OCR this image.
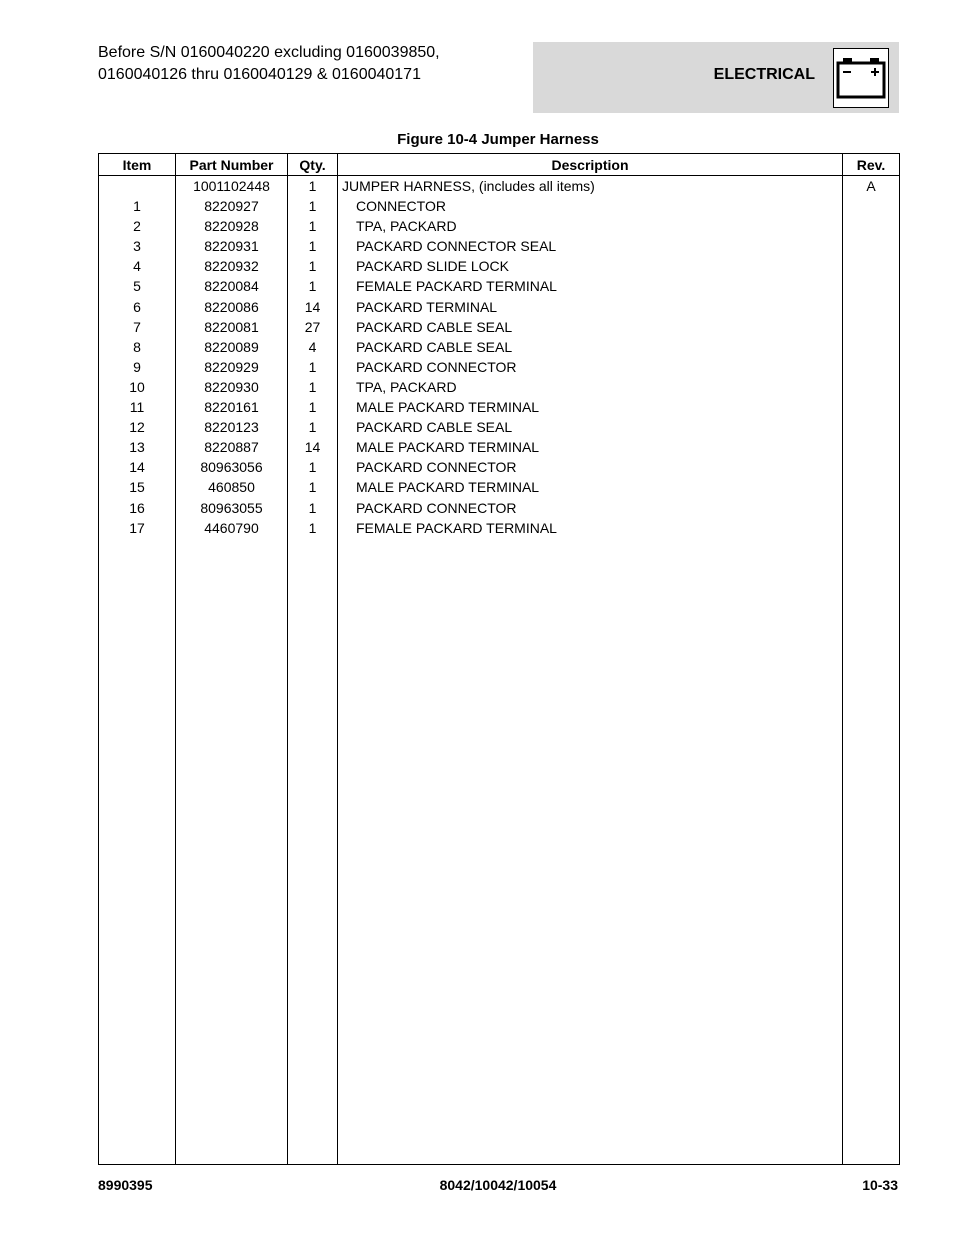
Before S/N 0160040220 excluding 0160039850,
0160040126 thru 0160040129 & 0160040171	ELECTRICAL
Figure 10-4 Jumper Harness
Item	Part Number	Qty.	Description	Rev.
	1001102448	1	JUMPER HARNESS, (includes all items)	A
1	8220927	1	CONNECTOR	
2	8220928	1	TPA, PACKARD	
3	8220931	1	PACKARD CONNECTOR SEAL	
4	8220932	1	PACKARD SLIDE LOCK	
5	8220084	1	FEMALE PACKARD TERMINAL	
6	8220086	14	PACKARD TERMINAL	
7	8220081	27	PACKARD CABLE SEAL	
8	8220089	4	PACKARD CABLE SEAL	
9	8220929	1	PACKARD CONNECTOR	
10	8220930	1	TPA, PACKARD	
11	8220161	1	MALE PACKARD TERMINAL	
12	8220123	1	PACKARD CABLE SEAL	
13	8220887	14	MALE PACKARD TERMINAL	
14	80963056	1	PACKARD CONNECTOR	
15	460850	1	MALE PACKARD TERMINAL	
16	80963055	1	PACKARD CONNECTOR	
17	4460790	1	FEMALE PACKARD TERMINAL	

8990395	8042/10042/10054	10-33
